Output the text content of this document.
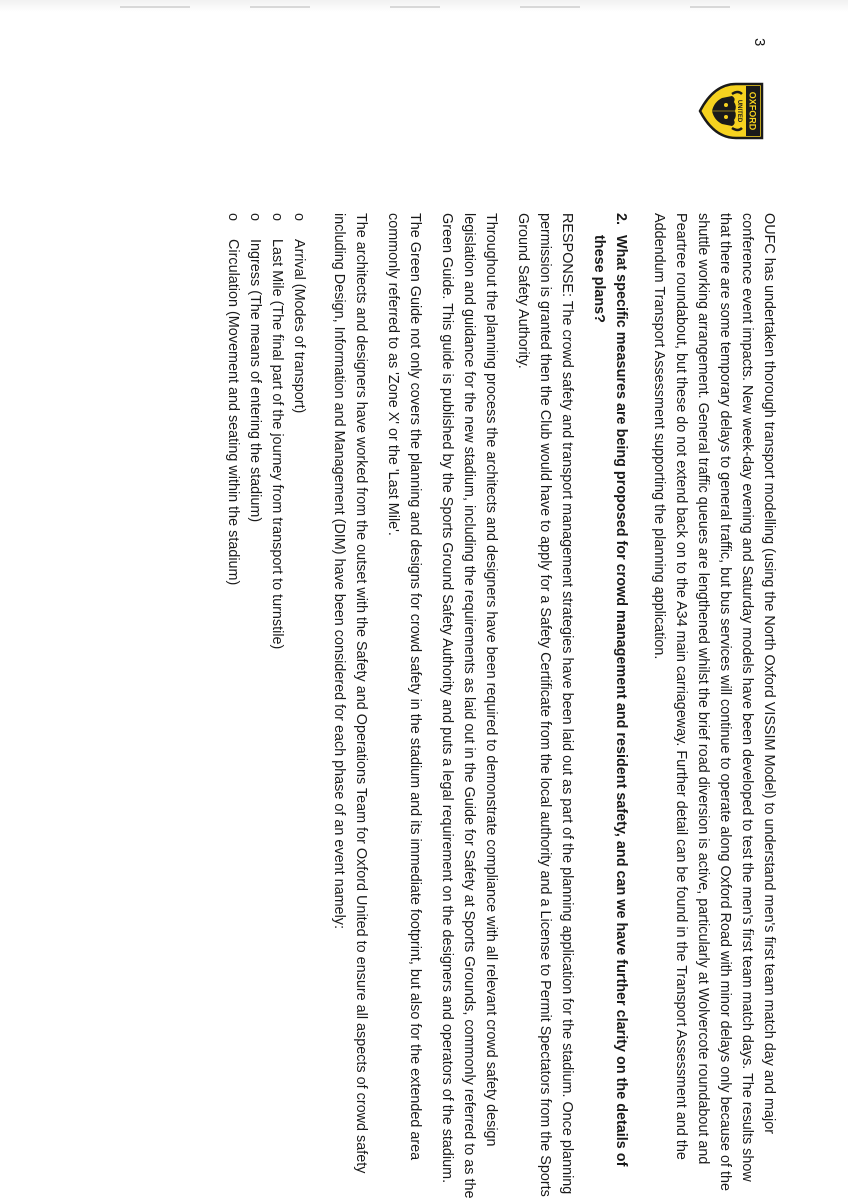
3
OXFORD
UNITED

OUFC has undertaken thorough transport modelling (using the North Oxford VISSIM Model) to understand men's first team match day and major conference event impacts. New week-day evening and Saturday models have been developed to test the men's first team match days. The results show that there are some temporary delays to general traffic, but bus services will continue to operate along Oxford Road with minor delays only because of the shuttle working arrangement. General traffic queues are lengthened whilst the brief road diversion is active, particularly at Wolvercote roundabout and Peartree roundabout, but these do not extend back on to the A34 main carriageway. Further detail can be found in the Transport Assessment and the Addendum Transport Assessment supporting the planning application.

2.
What specific measures are being proposed for crowd management and resident safety, and can we have further clarity on the details of these plans?

RESPONSE: The crowd safety and transport management strategies have been laid out as part of the planning application for the stadium. Once planning permission is granted then the Club would have to apply for a Safety Certificate from the local authority and a License to Permit Spectators from the Sports Ground Safety Authority.

Throughout the planning process the architects and designers have been required to demonstrate compliance with all relevant crowd safety design legislation and guidance for the new stadium, including the requirements as laid out in the Guide for Safety at Sports Grounds, commonly referred to as the Green Guide. This guide is published by the Sports Ground Safety Authority and puts a legal requirement on the designers and operators of the stadium.

The Green Guide not only covers the planning and designs for crowd safety in the stadium and its immediate footprint, but also for the extended area commonly referred to as 'Zone X' or the 'Last Mile'.

The architects and designers have worked from the outset with the Safety and Operations Team for Oxford United to ensure all aspects of crowd safety including Design, Information and Management (DIM) have been considered for each phase of an event namely:

o
Arrival (Modes of transport)
o
Last Mile (The final part of the journey from transport to turnstile)
o
Ingress (The means of entering the stadium)
o
Circulation (Movement and seating within the stadium)
